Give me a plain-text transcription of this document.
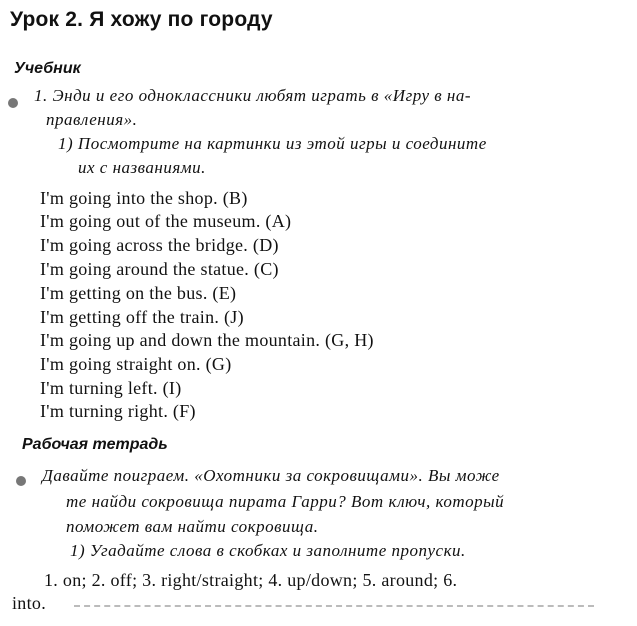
Урок 2. Я хожу по городу
Учебник
1. Энди и его одноклассники любят играть в «Игру в на-
правления».
1) Посмотрите на картинки из этой игры и соедините
их с названиями.
I'm going into the shop. (B)
I'm going out of the museum. (A)
I'm going across the bridge. (D)
I'm going around the statue. (C)
I'm getting on the bus. (E)
I'm getting off the train. (J)
I'm going up and down the mountain. (G, H)
I'm going straight on. (G)
I'm turning left. (I)
I'm turning right. (F)
Рабочая тетрадь
Давайте поиграем. «Охотники за сокровищами». Вы може
те найди сокровища пирата Гарри? Вот ключ, который
поможет вам найти сокровища.
1) Угадайте слова в скобках и заполните пропуски.
1. on; 2. off; 3. right/straight; 4. up/down; 5. around; 6.
into.
